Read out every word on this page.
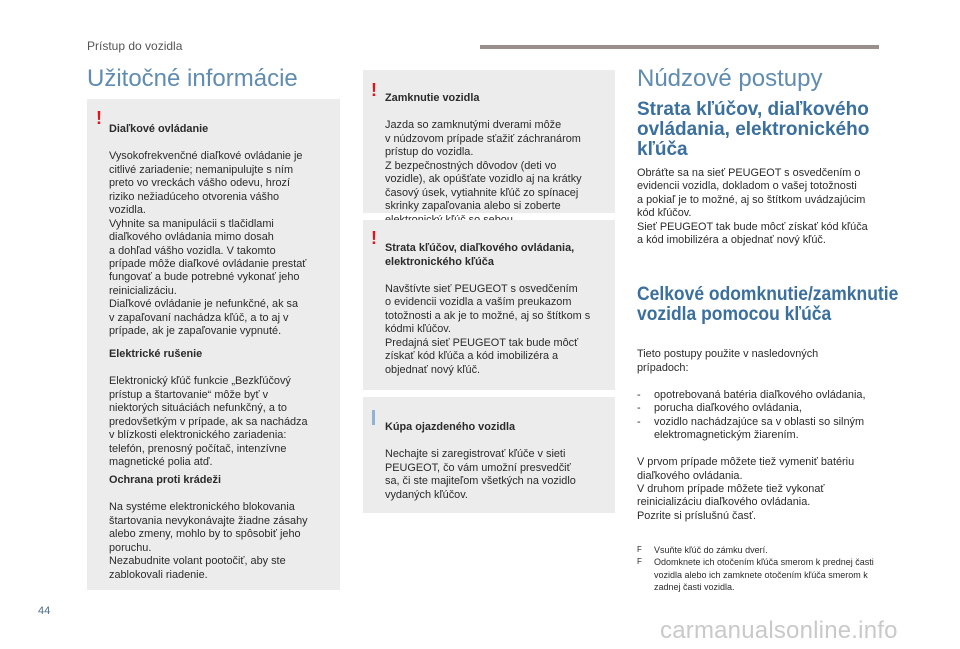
Prístup do vozidla
Užitočné informácie
!

Diaľkové ovládanie

Vysokofrekvenčné diaľkové ovládanie je
citlivé zariadenie; nemanipulujte s ním
preto vo vreckách vášho odevu, hrozí
riziko nežiadúceho otvorenia vášho
vozidla.
Vyhnite sa manipulácii s tlačidlami
diaľkového ovládania mimo dosah
a dohľad vášho vozidla. V takomto
prípade môže diaľkové ovládanie prestať
fungovať a bude potrebné vykonať jeho
reinicializáciu.
Diaľkové ovládanie je nefunkčné, ak sa
v zapaľovaní nachádza kľúč, a to aj v
prípade, ak je zapaľovanie vypnuté.

Elektrické rušenie

Elektronický kľúč funkcie „Bezkľúčový
prístup a štartovanie“ môže byť v
niektorých situáciách nefunkčný, a to
predovšetkým v prípade, ak sa nachádza
v blízkosti elektronického zariadenia:
telefón, prenosný počítač, intenzívne
magnetické polia atď.

Ochrana proti krádeži

Na systéme elektronického blokovania
štartovania nevykonávajte žiadne zásahy
alebo zmeny, mohlo by to spôsobiť jeho
poruchu.
Nezabudnite volant pootočiť, aby ste
zablokovali riadenie.

! Zamknutie vozidla

Jazda so zamknutými dverami môže
v núdzovom prípade sťažiť záchranárom
prístup do vozidla.
Z bezpečnostných dôvodov (deti vo
vozidle), ak opúšťate vozidlo aj na krátky
časový úsek, vytiahnite kľúč zo spínacej
skrinky zapaľovania alebo si zoberte

!

Strata kľúčov, diaľkového ovládania,
elektronického kľúča

Navštívte sieť PEUGEOT s osvedčením
o evidencii vozidla a vaším preukazom
totožnosti a ak je to možné, aj so štítkom s
kódmi kľúčov.
Predajná sieť PEUGEOT tak bude môcť
získať kód kľúča a kód imobilizéra a
objednať nový kľúč.

Kúpa ojazdeného vozidla

Nechajte si zaregistrovať kľúče v sieti
PEUGEOT, čo vám umožní presvedčiť
sa, či ste majiteľom všetkých na vozidlo
vydaných kľúčov.

Núdzové postupy
Strata kľúčov, diaľkového
ovládania, elektronického
kľúča
Obráťte sa na sieť PEUGEOT s osvedčením o
evidencii vozidla, dokladom o vašej totožnosti
a pokiaľ je to možné, aj so štítkom uvádzajúcim
kód kľúčov.
Sieť PEUGEOT tak bude môcť získať kód kľúča
a kód imobilizéra a objednať nový kľúč.
Celkové odomknutie/zamknutie
vozidla pomocou kľúča

Tieto postupy použite v nasledovných
prípadoch:

- opotrebovaná batéria diaľkového ovládania,
- porucha diaľkového ovládania,
- vozidlo nachádzajúce sa v oblasti so silným elektromagnetickým žiarením.

V prvom prípade môžete tiež vymeniť batériu
diaľkového ovládania.
V druhom prípade môžete tiež vykonať
reinicializáciu diaľkového ovládania.
Pozrite si príslušnú časť.

F Vsuňte kľúč do zámku dverí.
F Odomknete ich otočením kľúča smerom k prednej časti vozidla alebo ich zamknete otočením kľúča smerom k zadnej časti vozidla.

44
carmanualsonline.info
